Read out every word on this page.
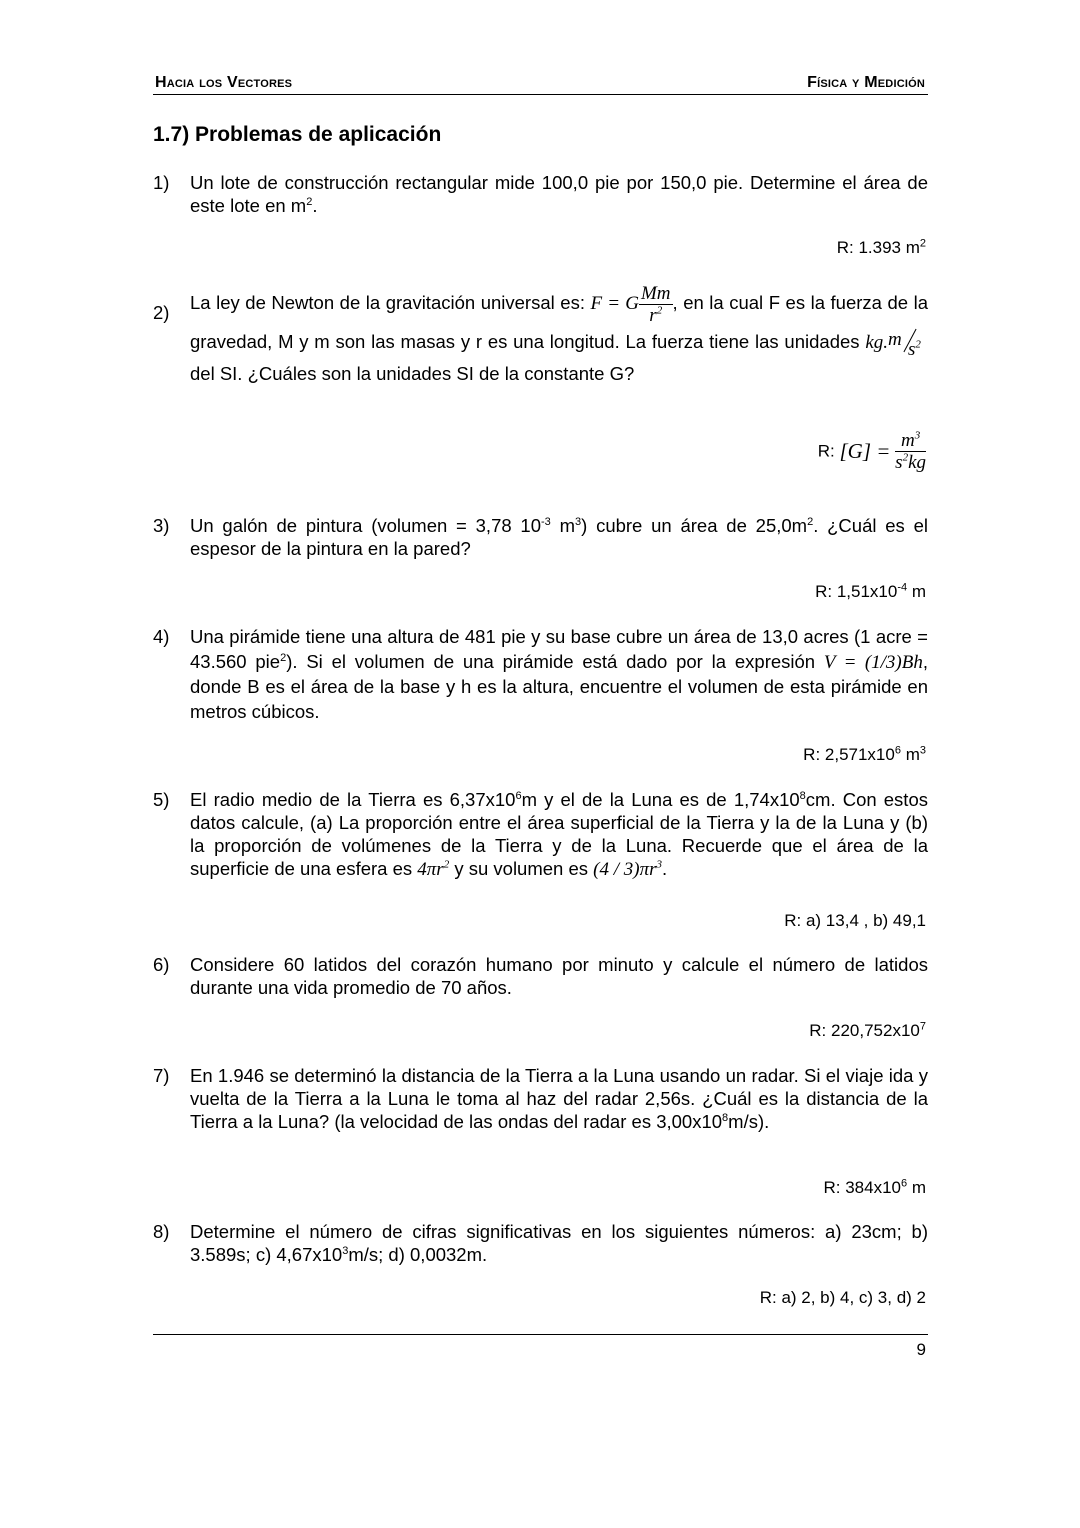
Hacia los Vectores	Física y Medición
1.7) Problemas de aplicación
1) Un lote de construcción rectangular mide 100,0 pie por 150,0 pie. Determine el área de este lote en $m^2$.
R: 1.393 $m^2$
2) La ley de Newton de la gravitación universal es: F = G $\frac{Mm}{r^2}$ , en la cual F es la fuerza de la gravedad, M y m son las masas y r es una longitud. La fuerza tiene las unidades kg. m $s^2$
del SI. ¿Cuáles son la unidades SI de la constante G?
R: $[G] = \frac{m^3}{s^2kg}$
3) Un galón de pintura (volumen = 3,78 $10^{-3}$ $m^3$) cubre un área de $25,0m^2$. ¿Cuál es el espesor de la pintura en la pared?
R: $1,51x10^{-4}$ m
4) Una pirámide tiene una altura de 481 pie y su base cubre un área de 13,0 acres (1 acre = 43.560 pie$^2$). Si el volumen de una pirámide está dado por la expresión V = (1/3)Bh, donde B es el área de la base y h es la altura, encuentre el volumen de esta pirámide en metros cúbicos.
R: $2,571x10^6$ $m^3$
5) El radio medio de la Tierra es $6,37x10^6m$ y el de la Luna es de $1,74x10^8cm$. Con estos datos calcule, (a) La proporción entre el área superficial de la Tierra y la de la Luna y (b) la proporción de volúmenes de la Tierra y de la Luna. Recuerde que el área de la superficie de una esfera es $4\pi r^2$ y su volumen es $(4 / 3)\pi r^3$.
R: a) 13,4 , b) 49,1
6) Considere 60 latidos del corazón humano por minuto y calcule el número de latidos durante una vida promedio de 70 años.
R: $220,752x10^7$
7) En 1.946 se determinó la distancia de la Tierra a la Luna usando un radar. Si el viaje ida y vuelta de la Tierra a la Luna le toma al haz del radar 2,56s. ¿Cuál es la distancia de la Tierra a la Luna? (la velocidad de las ondas del radar es $3,00x10^8m/s$).
R: $384x10^6$ m
8) Determine el número de cifras significativas en los siguientes números: a) 23cm; b) 3.589s; c) $4,67x10^3m/s$; d) 0,0032m.
R: a) 2, b) 4, c) 3, d) 2
9
